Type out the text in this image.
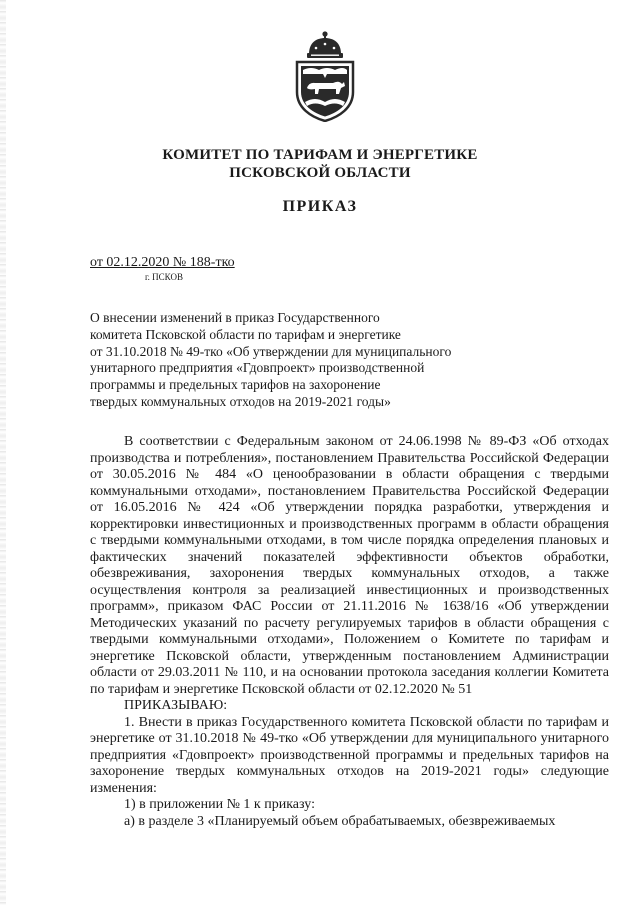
КОМИТЕТ ПО ТАРИФАМ И ЭНЕРГЕТИКЕ
ПСКОВСКОЙ ОБЛАСТИ
ПРИКАЗ
от 02.12.2020 № 188-тко
г. ПСКОВ
О внесении изменений в приказ Государственного
комитета Псковской области по тарифам и энергетике
от 31.10.2018 № 49-тко «Об утверждении для муниципального
унитарного предприятия «Гдовпроект» производственной
программы и предельных тарифов на захоронение
твердых коммунальных отходов на 2019-2021 годы»

В соответствии с Федеральным законом от 24.06.1998 № 89-ФЗ «Об отходах производства и потребления», постановлением Правительства Российской Федерации от 30.05.2016 № 484 «О ценообразовании в области обращения с твердыми коммунальными отходами», постановлением Правительства Российской Федерации от 16.05.2016 № 424 «Об утверждении порядка разработки, утверждения и корректировки инвестиционных и производственных программ в области обращения с твердыми коммунальными отходами, в том числе порядка определения плановых и фактических значений показателей эффективности объектов обработки, обезвреживания, захоронения твердых коммунальных отходов, а также осуществления контроля за реализацией инвестиционных и производственных программ», приказом ФАС России от 21.11.2016 № 1638/16 «Об утверждении Методических указаний по расчету регулируемых тарифов в области обращения с твердыми коммунальными отходами», Положением о Комитете по тарифам и энергетике Псковской области, утвержденным постановлением Администрации области от 29.03.2011 № 110, и на основании протокола заседания коллегии Комитета по тарифам и энергетике Псковской области от 02.12.2020 № 51

ПРИКАЗЫВАЮ:

1. Внести в приказ Государственного комитета Псковской области по тарифам и энергетике от 31.10.2018 № 49-тко «Об утверждении для муниципального унитарного предприятия «Гдовпроект» производственной программы и предельных тарифов на захоронение твердых коммунальных отходов на 2019-2021 годы» следующие изменения:

1) в приложении № 1 к приказу:

а) в разделе 3 «Планируемый объем обрабатываемых, обезвреживаемых
